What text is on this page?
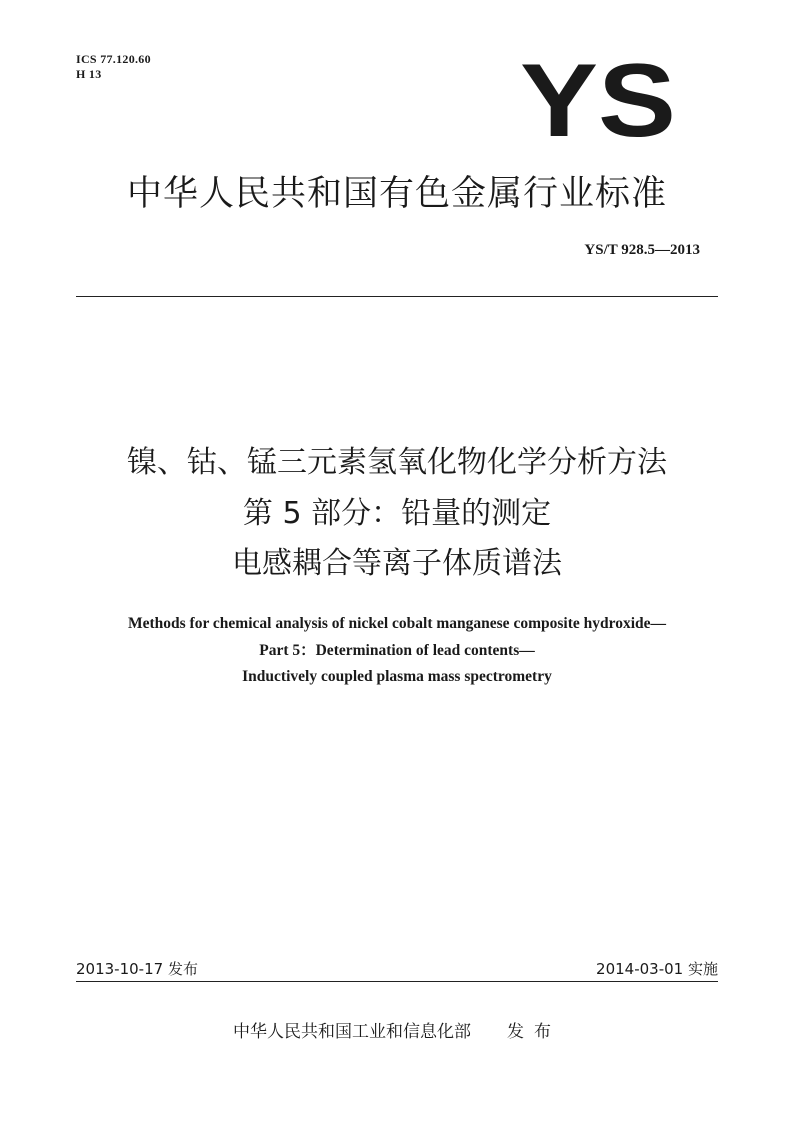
ICS 77.120.60
H 13	YS
中华人民共和国有色金属行业标准
YS/T 928.5—2013
镍、钴、锰三元素氢氧化物化学分析方法
第 5 部分：铅量的测定
电感耦合等离子体质谱法
Methods for chemical analysis of nickel cobalt manganese composite hydroxide—
Part 5：Determination of lead contents—
Inductively coupled plasma mass spectrometry
2013-10-17 发布	2014-03-01 实施
中华人民共和国工业和信息化部 发布
